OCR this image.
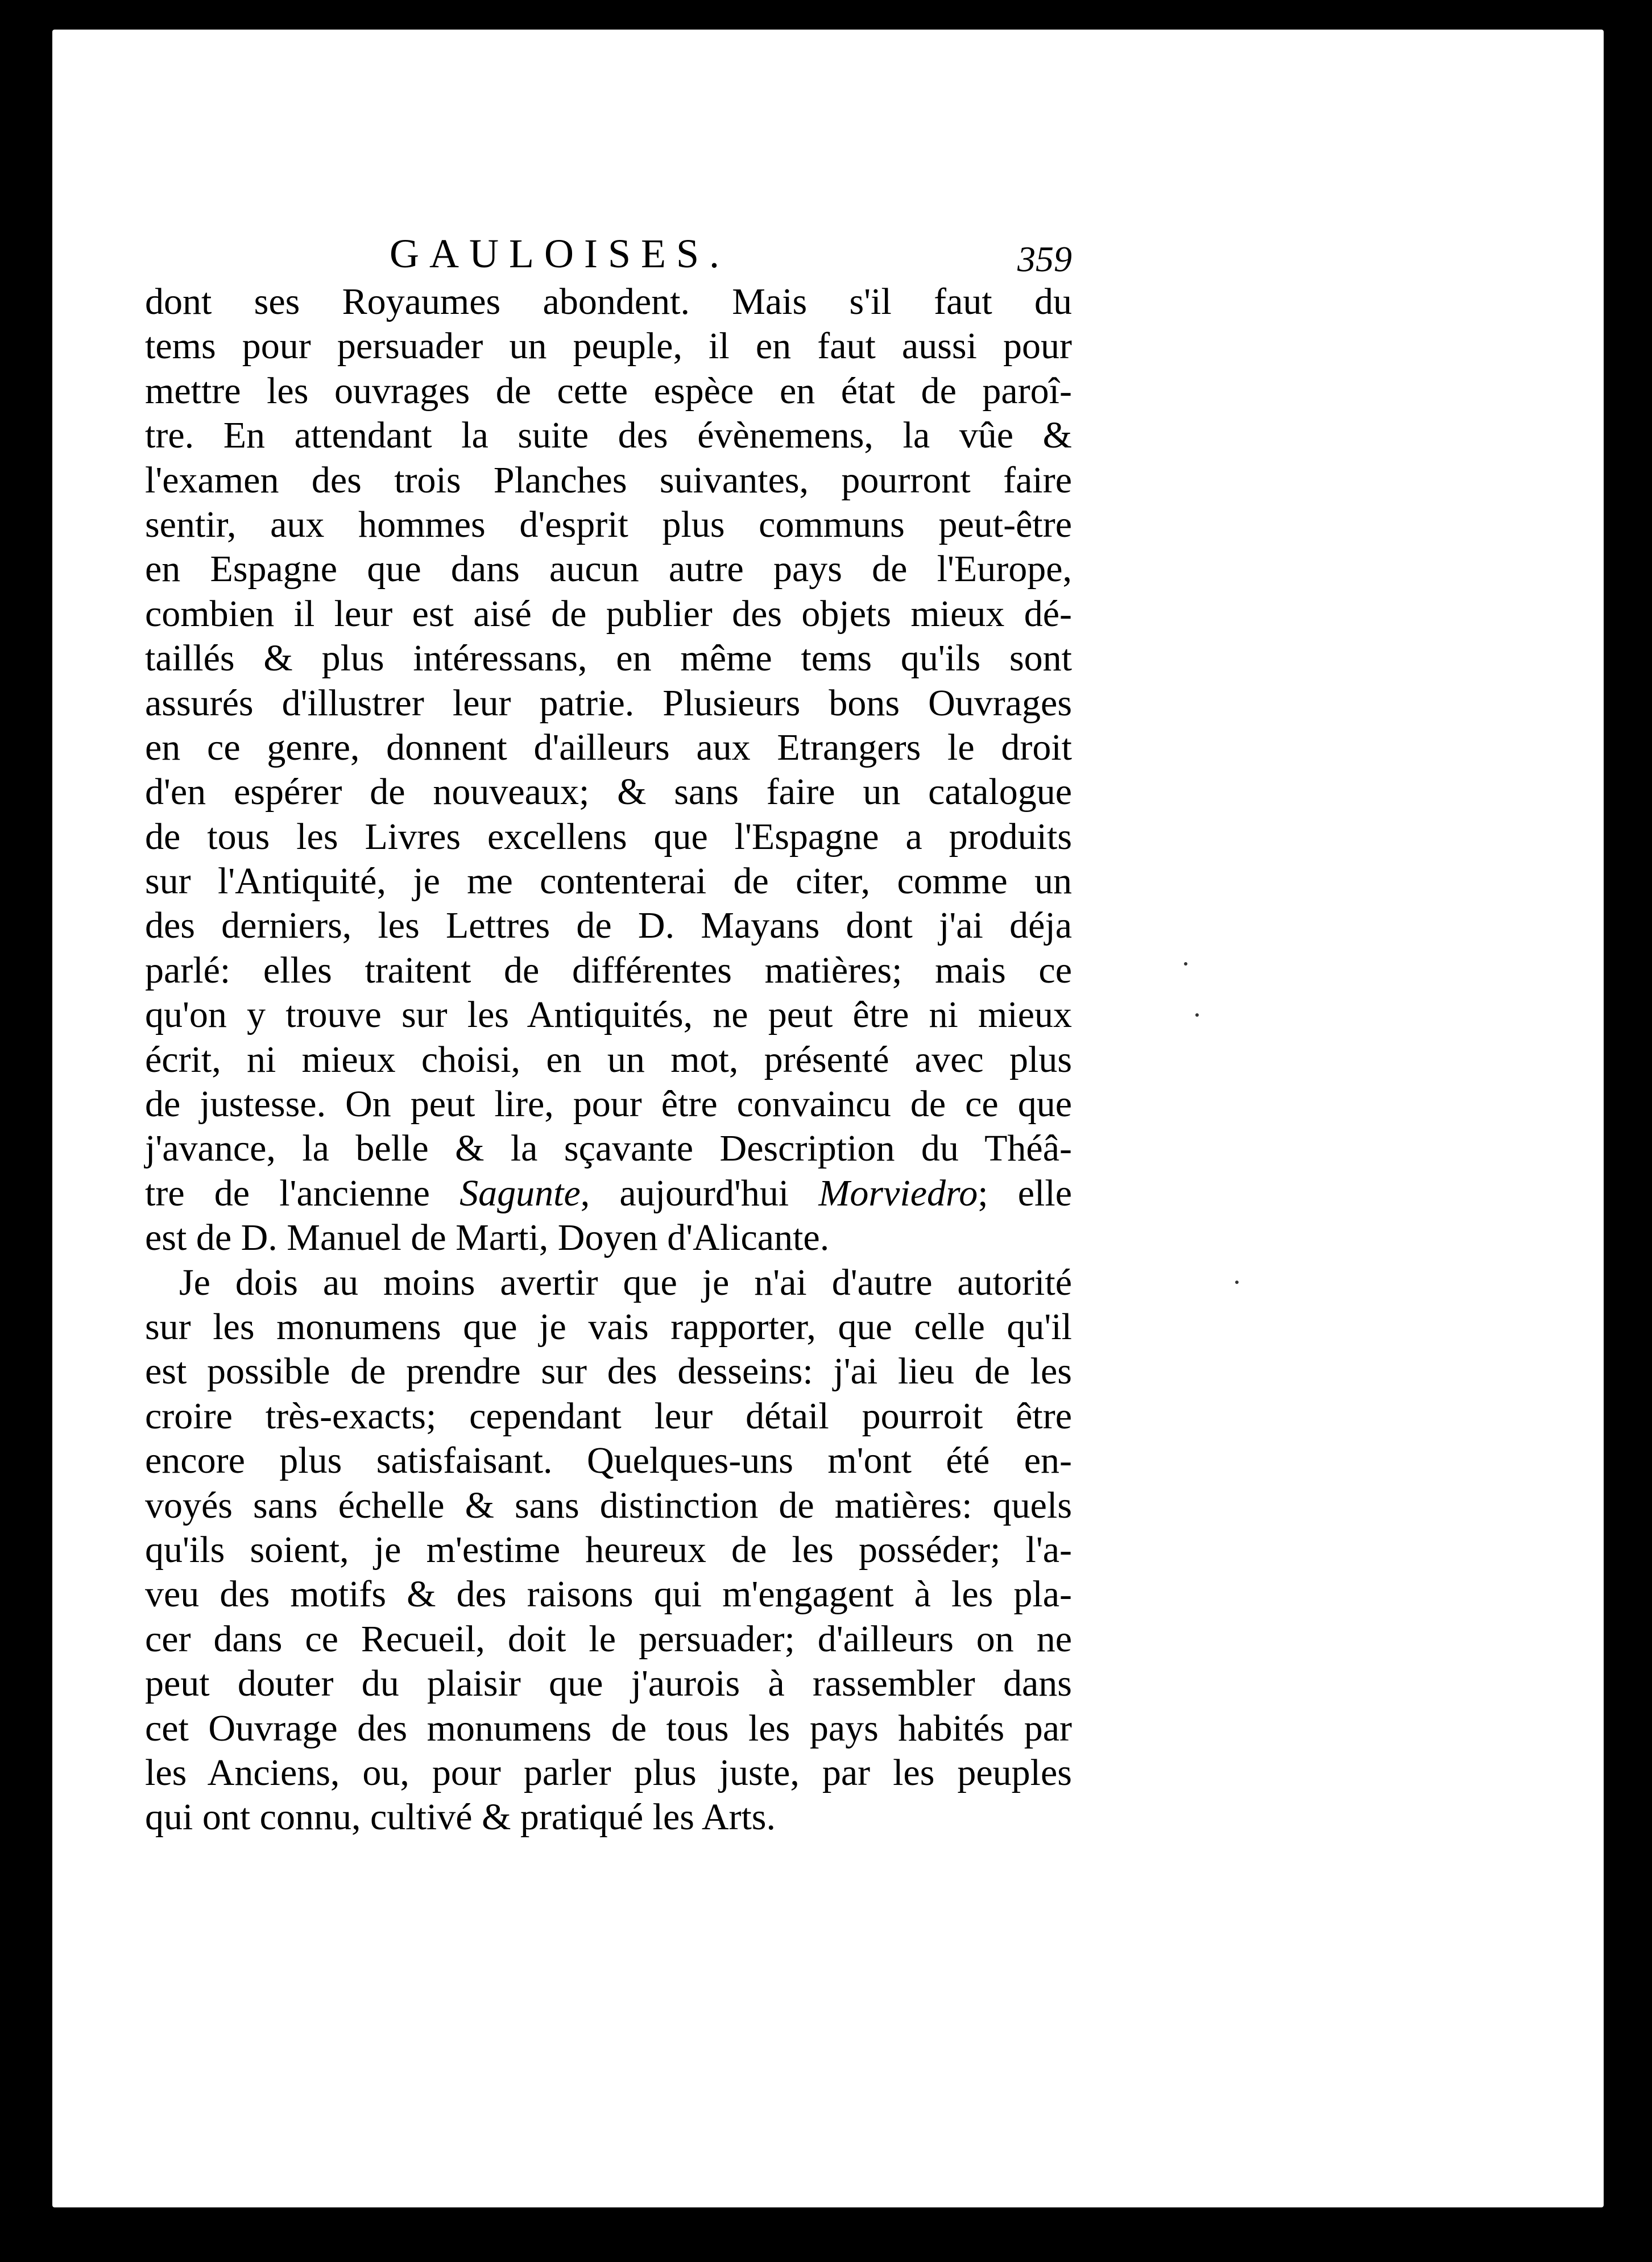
GAULOISES.	359
dont ses Royaumes abondent. Mais s'il faut du
tems pour persuader un peuple, il en faut aussi pour
mettre les ouvrages de cette espèce en état de paroî-
tre. En attendant la suite des évènemens, la vûe &
l'examen des trois Planches suivantes, pourront faire
sentir, aux hommes d'esprit plus communs peut-être
en Espagne que dans aucun autre pays de l'Europe,
combien il leur est aisé de publier des objets mieux dé-
taillés & plus intéressans, en même tems qu'ils sont
assurés d'illustrer leur patrie. Plusieurs bons Ouvrages
en ce genre, donnent d'ailleurs aux Etrangers le droit
d'en espérer de nouveaux; & sans faire un catalogue
de tous les Livres excellens que l'Espagne a produits
sur l'Antiquité, je me contenterai de citer, comme un
des derniers, les Lettres de D. Mayans dont j'ai déja
parlé: elles traitent de différentes matières; mais ce
qu'on y trouve sur les Antiquités, ne peut être ni mieux
écrit, ni mieux choisi, en un mot, présenté avec plus
de justesse. On peut lire, pour être convaincu de ce que
j'avance, la belle & la sçavante Description du Théâ-
tre de l'ancienne Sagunte, aujourd'hui Morviedro; elle
est de D. Manuel de Marti, Doyen d'Alicante.
Je dois au moins avertir que je n'ai d'autre autorité
sur les monumens que je vais rapporter, que celle qu'il
est possible de prendre sur des desseins: j'ai lieu de les
croire très-exacts; cependant leur détail pourroit être
encore plus satisfaisant. Quelques-uns m'ont été en-
voyés sans échelle & sans distinction de matières: quels
qu'ils soient, je m'estime heureux de les posséder; l'a-
veu des motifs & des raisons qui m'engagent à les pla-
cer dans ce Recueil, doit le persuader; d'ailleurs on ne
peut douter du plaisir que j'aurois à rassembler dans
cet Ouvrage des monumens de tous les pays habités par
les Anciens, ou, pour parler plus juste, par les peuples
qui ont connu, cultivé & pratiqué les Arts.
